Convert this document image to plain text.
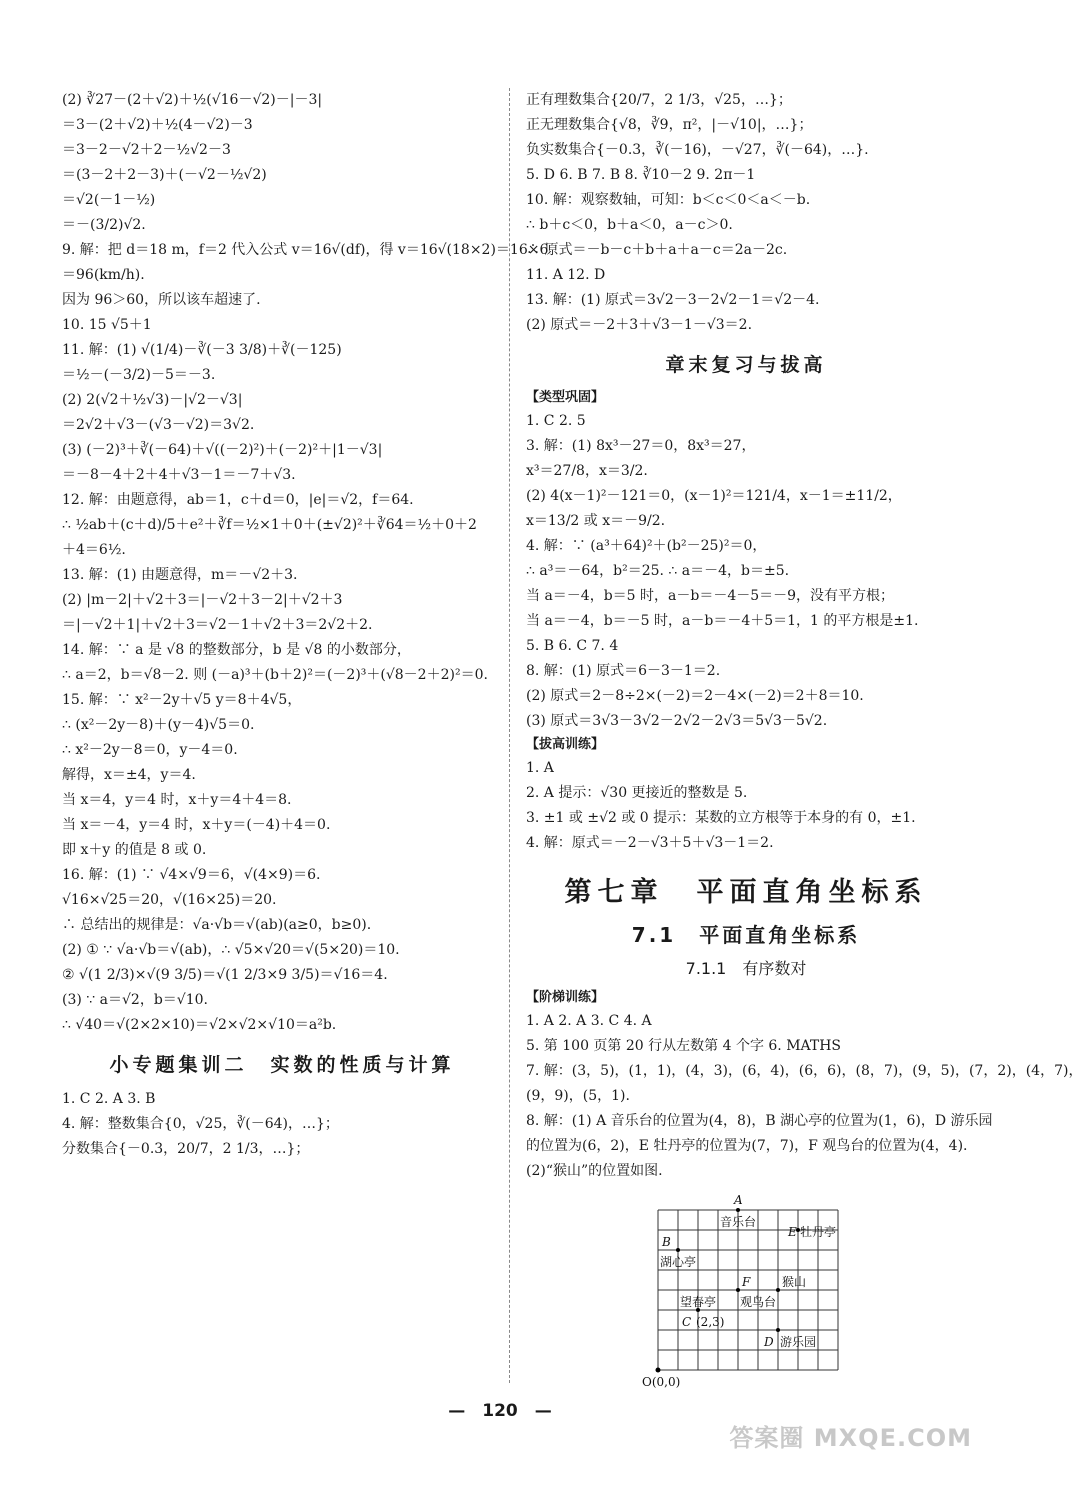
(2) ∛27－(2＋√2)＋½(√16－√2)－|－3|
＝3－(2＋√2)＋½(4－√2)－3
＝3－2－√2＋2－½√2－3
＝(3－2＋2－3)＋(－√2－½√2)
＝√2(－1－½)
＝－(3/2)√2.
9. 解：把 d＝18 m，f＝2 代入公式 v＝16√(df)，得 v＝16√(18×2)＝16×6
＝96(km/h).
因为 96＞60，所以该车超速了.
10. 15 √5＋1
11. 解：(1) √(1/4)－∛(－3 3/8)＋∛(－125)
＝½－(－3/2)－5＝－3.
(2) 2(√2＋½√3)－|√2－√3|
＝2√2＋√3－(√3－√2)＝3√2.
(3) (－2)³＋∛(－64)＋√((－2)²)＋(－2)²＋|1－√3|
＝－8－4＋2＋4＋√3－1＝－7＋√3.
12. 解：由题意得，ab＝1，c＋d＝0，|e|＝√2，f＝64.
∴ ½ab＋(c＋d)/5＋e²＋∛f＝½×1＋0＋(±√2)²＋∛64＝½＋0＋2
＋4＝6½.
13. 解：(1) 由题意得，m＝－√2＋3.
(2) |m－2|＋√2＋3＝|－√2＋3－2|＋√2＋3
＝|－√2＋1|＋√2＋3＝√2－1＋√2＋3＝2√2＋2.
14. 解：∵ a 是 √8 的整数部分，b 是 √8 的小数部分，
∴ a＝2，b＝√8－2. 则 (－a)³＋(b＋2)²＝(－2)³＋(√8－2＋2)²＝0.
15. 解：∵ x²－2y＋√5 y＝8＋4√5，
∴ (x²－2y－8)＋(y－4)√5＝0.
∴ x²－2y－8＝0，y－4＝0.
解得，x＝±4，y＝4.
当 x＝4，y＝4 时，x＋y＝4＋4＝8.
当 x＝－4，y＝4 时，x＋y＝(－4)＋4＝0.
即 x＋y 的值是 8 或 0.
16. 解：(1) ∵ √4×√9＝6，√(4×9)＝6.
√16×√25＝20，√(16×25)＝20.
∴ 总结出的规律是：√a·√b＝√(ab)(a≥0，b≥0).
(2) ① ∵ √a·√b＝√(ab)，∴ √5×√20＝√(5×20)＝10.
② √(1 2/3)×√(9 3/5)＝√(1 2/3×9 3/5)＝√16＝4.
(3) ∵ a＝√2，b＝√10.
∴ √40＝√(2×2×10)＝√2×√2×√10＝a²b.
小专题集训二　实数的性质与计算
1. C 2. A 3. B
4. 解：整数集合{0，√25，∛(－64)，…}；
分数集合{－0.3，20/7，2 1/3，…}；
正有理数集合{20/7，2 1/3，√25，…}；
正无理数集合{√8，∛9，π²，|－√10|，…}；
负实数集合{－0.3，∛(－16)，－√27，∛(－64)，…}.
5. D 6. B 7. B 8. ∛10－2 9. 2π－1
10. 解：观察数轴，可知：b＜c＜0＜a＜－b.
∴ b＋c＜0，b＋a＜0，a－c＞0.
∴ 原式＝－b－c＋b＋a＋a－c＝2a－2c.
11. A 12. D
13. 解：(1) 原式＝3√2－3－2√2－1＝√2－4.
(2) 原式＝－2＋3＋√3－1－√3＝2.
章末复习与拔高
【类型巩固】
1. C 2. 5
3. 解：(1) 8x³－27＝0，8x³＝27，
x³＝27/8，x＝3/2.
(2) 4(x－1)²－121＝0，(x－1)²＝121/4，x－1＝±11/2，
x＝13/2 或 x＝－9/2.
4. 解：∵ (a³＋64)²＋(b²－25)²＝0，
∴ a³＝－64，b²＝25. ∴ a＝－4，b＝±5.
当 a＝－4，b＝5 时，a－b＝－4－5＝－9，没有平方根；
当 a＝－4，b＝－5 时，a－b＝－4＋5＝1，1 的平方根是±1.
5. B 6. C 7. 4
8. 解：(1) 原式＝6－3－1＝2.
(2) 原式＝2－8÷2×(－2)＝2－4×(－2)＝2＋8＝10.
(3) 原式＝3√3－3√2－2√2－2√3＝5√3－5√2.
【拔高训练】
1. A
2. A 提示：√30 更接近的整数是 5.
3. ±1 或 ±√2 或 0 提示：某数的立方根等于本身的有 0，±1.
4. 解：原式＝－2－√3＋5＋√3－1＝2.
第七章　平面直角坐标系
7.1　平面直角坐标系
7.1.1　有序数对
【阶梯训练】
1. A 2. A 3. C 4. A
5. 第 100 页第 20 行从左数第 4 个字 6. MATHS
7. 解：(3，5)，(1，1)，(4，3)，(6，4)，(6，6)，(8，7)，(9，5)，(7，2)，(4，7)，
(9，9)，(5，1).
8. 解：(1) A 音乐台的位置为(4，8)，B 湖心亭的位置为(1，6)，D 游乐园
的位置为(6，2)，E 牡丹亭的位置为(7，7)，F 观鸟台的位置为(4，4).
(2)“猴山”的位置如图.
A
音乐台
B
湖心亭
E 牡丹亭
F	猴山
望春亭 观鸟台
C (2,3)
D 游乐园
O(0,0)
—　120　—
答案圈 MXQE.COM
